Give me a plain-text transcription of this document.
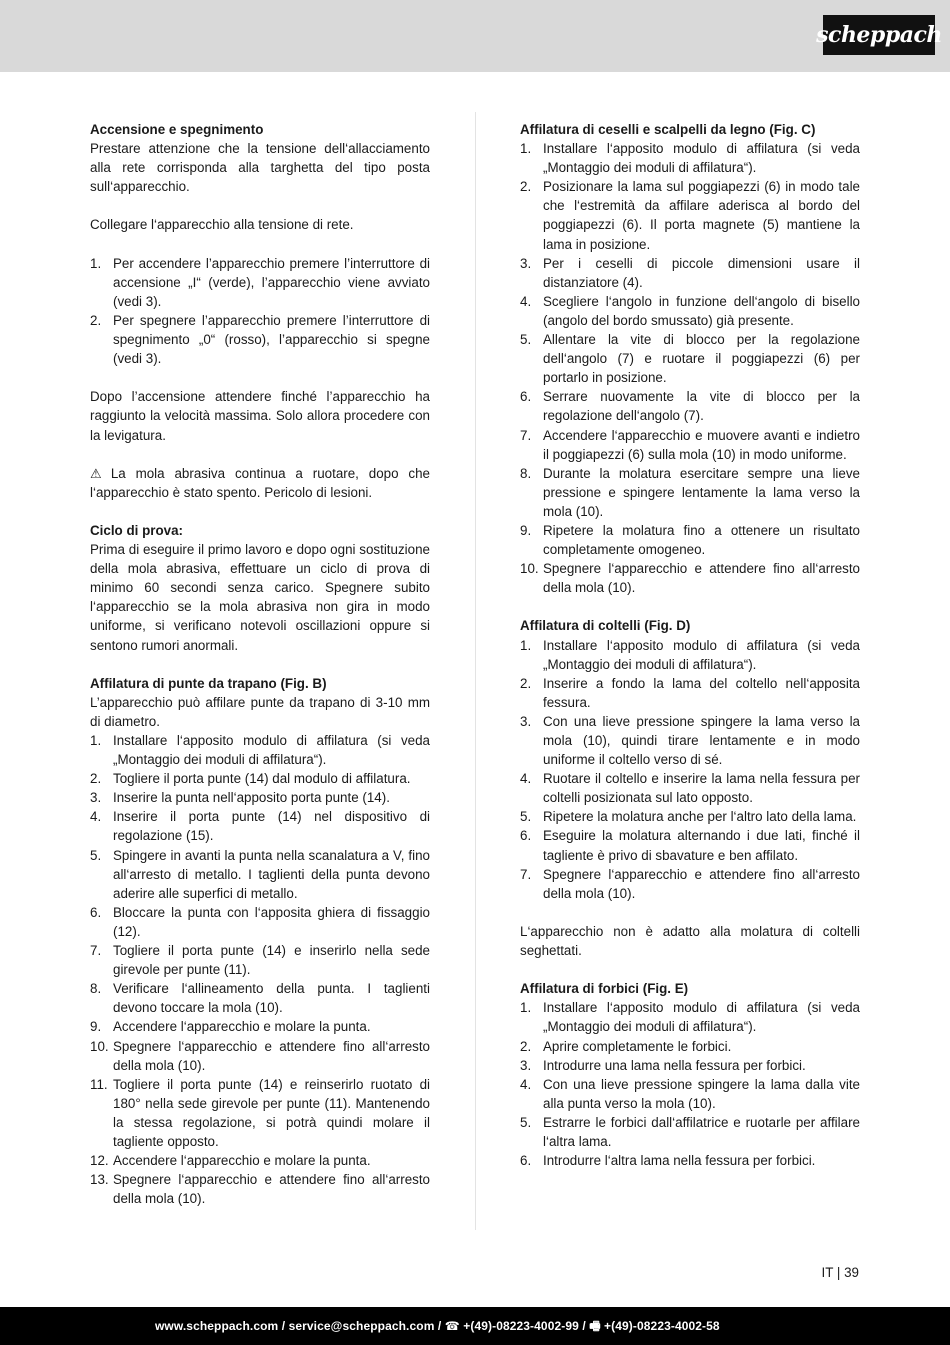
scheppach

Accensione e spegnimento

Prestare attenzione che la tensione dell‘allacciamento alla rete corrisponda alla targhetta del tipo posta sull‘apparecchio.

Collegare l‘apparecchio alla tensione di rete.

1. Per accendere l’apparecchio premere l’interruttore di accensione „I“ (verde), l’apparecchio viene avviato (vedi 3).
2. Per spegnere l’apparecchio premere l’interruttore di spegnimento „0“ (rosso), l’apparecchio si spegne (vedi 3).

Dopo l’accensione attendere finché l’apparecchio ha raggiunto la velocità massima. Solo allora procedere con la levigatura.

⚠ La mola abrasiva continua a ruotare, dopo che l‘apparecchio è stato spento. Pericolo di lesioni.

Ciclo di prova:

Prima di eseguire il primo lavoro e dopo ogni sostituzione della mola abrasiva, effettuare un ciclo di prova di minimo 60 secondi senza carico. Spegnere subito l‘apparecchio se la mola abrasiva non gira in modo uniforme, si verificano notevoli oscillazioni oppure si sentono rumori anormali.

Affilatura di punte da trapano (Fig. B)

L’apparecchio può affilare punte da trapano di 3-10 mm di diametro.

1. Installare l‘apposito modulo di affilatura (si veda „Montaggio dei moduli di affilatura“).
2. Togliere il porta punte (14) dal modulo di affilatura.
3. Inserire la punta nell‘apposito porta punte (14).
4. Inserire il porta punte (14) nel dispositivo di regolazione (15).
5. Spingere in avanti la punta nella scanalatura a V, fino all‘arresto di metallo. I taglienti della punta devono aderire alle superfici di metallo.
6. Bloccare la punta con l‘apposita ghiera di fissaggio (12).
7. Togliere il porta punte (14) e inserirlo nella sede girevole per punte (11).
8. Verificare l‘allineamento della punta. I taglienti devono toccare la mola (10).
9. Accendere l‘apparecchio e molare la punta.
10. Spegnere l‘apparecchio e attendere fino all‘arresto della mola (10).
11. Togliere il porta punte (14) e reinserirlo ruotato di 180° nella sede girevole per punte (11). Mantenendo la stessa regolazione, si potrà quindi molare il tagliente opposto.
12. Accendere l‘apparecchio e molare la punta.
13. Spegnere l‘apparecchio e attendere fino all‘arresto della mola (10).

Affilatura di ceselli e scalpelli da legno (Fig. C)

1. Installare l‘apposito modulo di affilatura (si veda „Montaggio dei moduli di affilatura“).
2. Posizionare la lama sul poggiapezzi (6) in modo tale che l‘estremità da affilare aderisca al bordo del poggiapezzi (6). Il porta magnete (5) mantiene la lama in posizione.
3. Per i ceselli di piccole dimensioni usare il distanziatore (4).
4. Scegliere l‘angolo in funzione dell‘angolo di bisello (angolo del bordo smussato) già presente.
5. Allentare la vite di blocco per la regolazione dell‘angolo (7) e ruotare il poggiapezzi (6) per portarlo in posizione.
6. Serrare nuovamente la vite di blocco per la regolazione dell‘angolo (7).
7. Accendere l‘apparecchio e muovere avanti e indietro il poggiapezzi (6) sulla mola (10) in modo uniforme.
8. Durante la molatura esercitare sempre una lieve pressione e spingere lentamente la lama verso la mola (10).
9. Ripetere la molatura fino a ottenere un risultato completamente omogeneo.
10. Spegnere l‘apparecchio e attendere fino all‘arresto della mola (10).

Affilatura di coltelli (Fig. D)

1. Installare l‘apposito modulo di affilatura (si veda „Montaggio dei moduli di affilatura“).
2. Inserire a fondo la lama del coltello nell‘apposita fessura.
3. Con una lieve pressione spingere la lama verso la mola (10), quindi tirare lentamente e in modo uniforme il coltello verso di sé.
4. Ruotare il coltello e inserire la lama nella fessura per coltelli posizionata sul lato opposto.
5. Ripetere la molatura anche per l‘altro lato della lama.
6. Eseguire la molatura alternando i due lati, finché il tagliente è privo di sbavature e ben affilato.
7. Spegnere l‘apparecchio e attendere fino all‘arresto della mola (10).

L‘apparecchio non è adatto alla molatura di coltelli seghettati.

Affilatura di forbici (Fig. E)

1. Installare l‘apposito modulo di affilatura (si veda „Montaggio dei moduli di affilatura“).
2. Aprire completamente le forbici.
3. Introdurre una lama nella fessura per forbici.
4. Con una lieve pressione spingere la lama dalla vite alla punta verso la mola (10).
5. Estrarre le forbici dall‘affilatrice e ruotarle per affilare l‘altra lama.
6. Introdurre l‘altra lama nella fessura per forbici.
IT | 39
www.scheppach.com / service@scheppach.com / ☎ +(49)-08223-4002-99 / 🖷 +(49)-08223-4002-58
